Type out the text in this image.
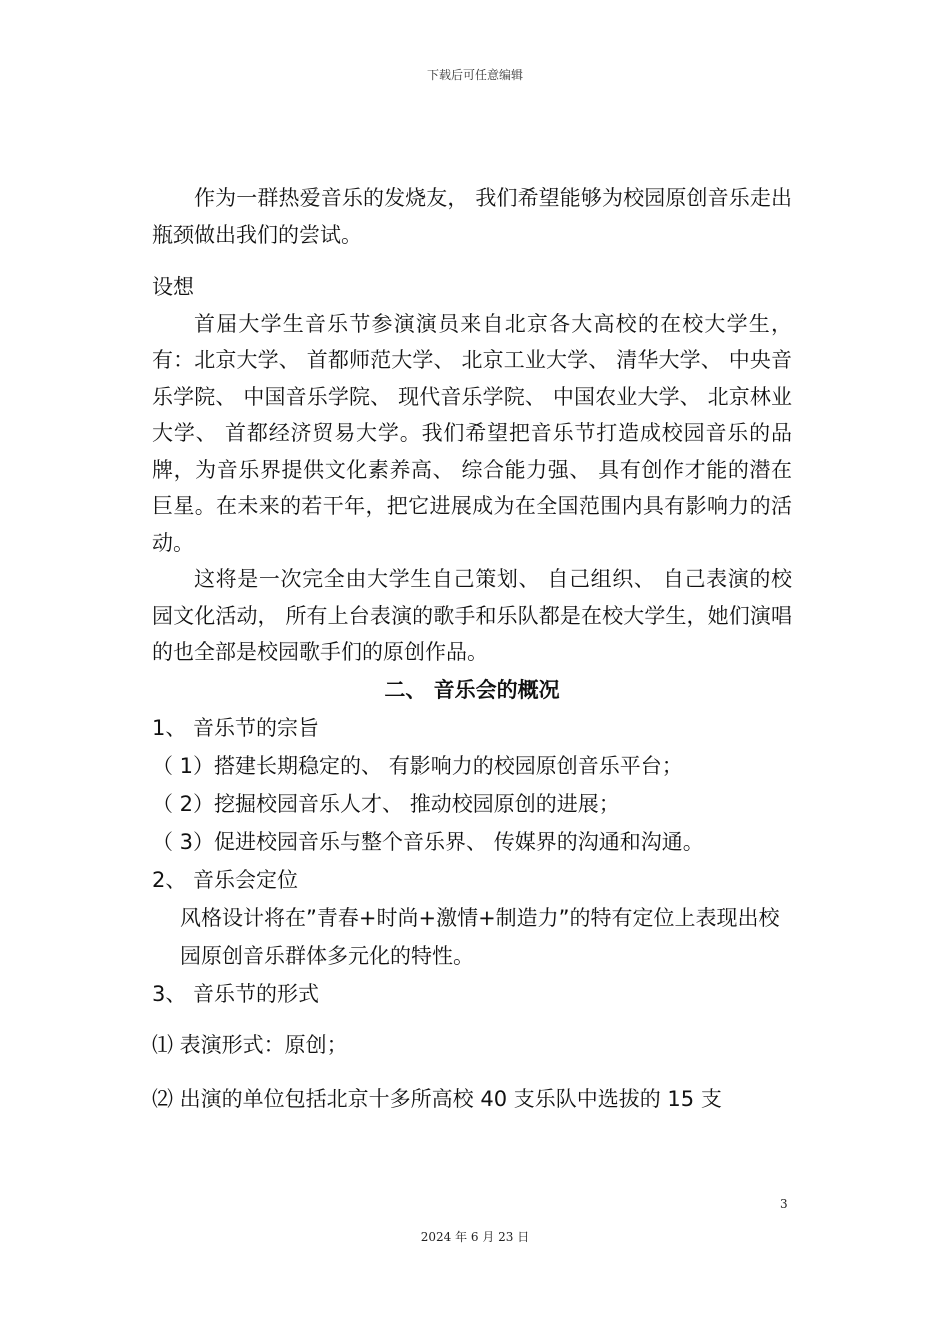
下载后可任意编辑

作为一群热爱音乐的发烧友， 我们希望能够为校园原创音乐走出瓶颈做出我们的尝试。

设想

首届大学生音乐节参演演员来自北京各大高校的在校大学生，有：北京大学、 首都师范大学、 北京工业大学、 清华大学、 中央音乐学院、 中国音乐学院、 现代音乐学院、 中国农业大学、 北京林业大学、 首都经济贸易大学。我们希望把音乐节打造成校园音乐的品牌，为音乐界提供文化素养高、 综合能力强、 具有创作才能的潜在巨星。在未来的若干年，把它进展成为在全国范围内具有影响力的活动。

这将是一次完全由大学生自己策划、 自己组织、 自己表演的校园文化活动， 所有上台表演的歌手和乐队都是在校大学生，她们演唱的也全部是校园歌手们的原创作品。

二、 音乐会的概况

1、 音乐节的宗旨

（ 1）搭建长期稳定的、 有影响力的校园原创音乐平台；

（ 2）挖掘校园音乐人才、 推动校园原创的进展；

（ 3）促进校园音乐与整个音乐界、 传媒界的沟通和沟通。

2、 音乐会定位

风格设计将在”青春+时尚+激情+制造力”的特有定位上表现出校园原创音乐群体多元化的特性。

3、 音乐节的形式

⑴ 表演形式：原创；

⑵ 出演的单位包括北京十多所高校 40 支乐队中选拔的 15 支

3
2024 年 6 月 23 日
